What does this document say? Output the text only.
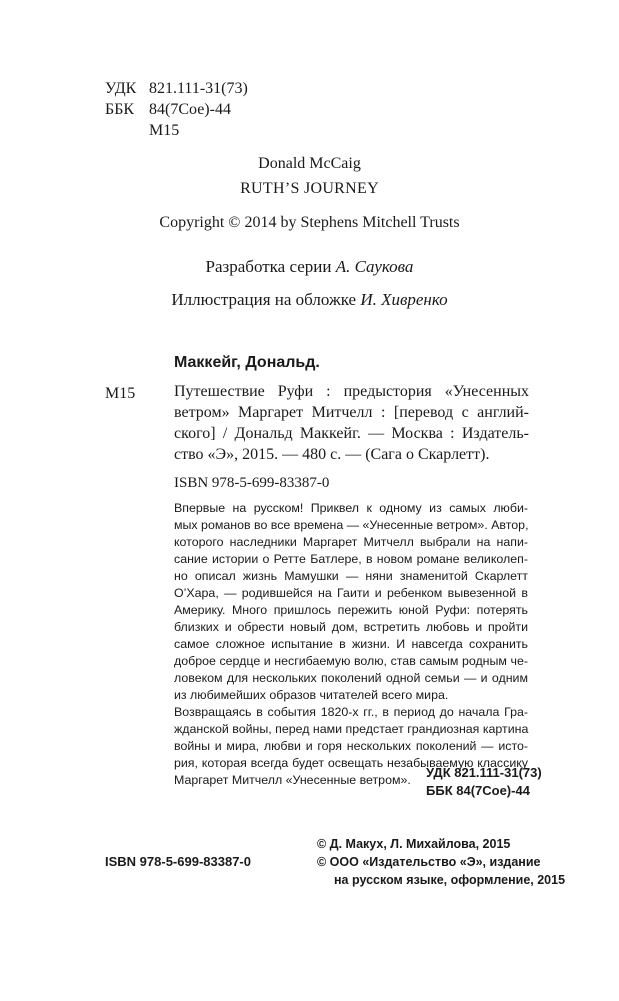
УДК 821.111-31(73)
ББК 84(7Сое)-44
М15
Donald McCaig
RUTH’S JOURNEY
Copyright © 2014 by Stephens Mitchell Trusts
Разработка серии А. Саукова
Иллюстрация на обложке И. Хивренко
Маккейг, Дональд.
М15 Путешествие Руфи : предыстория «Унесенных
ветром» Маргарет Митчелл : [перевод с англий-
ского] / Дональд Маккейг. — Москва : Издатель-
ство «Э», 2015. — 480 с. — (Сага о Скарлетт).
ISBN 978-5-699-83387-0
Впервые на русском! Приквел к одному из самых люби-
мых романов во все времена — «Унесенные ветром». Автор,
которого наследники Маргарет Митчелл выбрали на напи-
сание истории о Ретте Батлере, в новом романе великолеп-
но описал жизнь Мамушки — няни знаменитой Скарлетт
О’Хара, — родившейся на Гаити и ребенком вывезенной в
Америку. Много пришлось пережить юной Руфи: потерять
близких и обрести новый дом, встретить любовь и пройти
самое сложное испытание в жизни. И навсегда сохранить
доброе сердце и несгибаемую волю, став самым родным че-
ловеком для нескольких поколений одной семьи — и одним
из любимейших образов читателей всего мира.
Возвращаясь в события 1820-х гг., в период до начала Гра-
жданской войны, перед нами предстает грандиозная картина
войны и мира, любви и горя нескольких поколений — исто-
рия, которая всегда будет освещать незабываемую классику
Маргарет Митчелл «Унесенные ветром».	УДК 821.111-31(73)
ББК 84(7Сое)-44
© Д. Макух, Л. Михайлова, 2015
© ООО «Издательство «Э», издание
на русском языке, оформление, 2015
ISBN 978-5-699-83387-0
